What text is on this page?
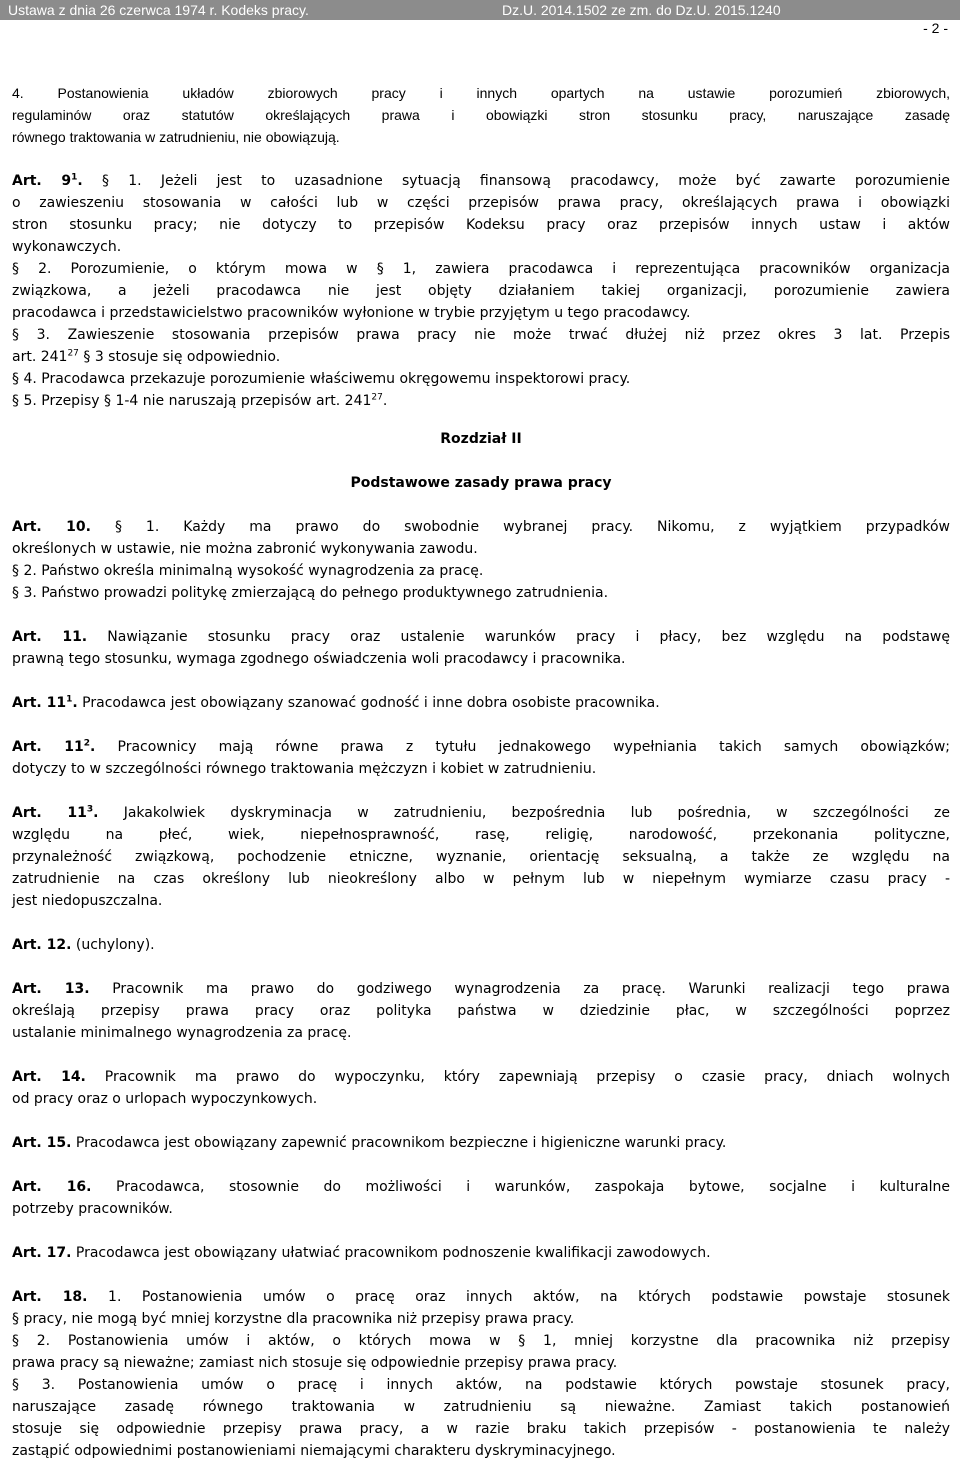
Ustawa z dnia 26 czerwca 1974 r. Kodeks pracy.	Dz.U. 2014.1502 ze zm. do Dz.U. 2015.1240
- 2 -
4. Postanowienia układów zbiorowych pracy i innych opartych na ustawie porozumień zbiorowych,
regulaminów oraz statutów określających prawa i obowiązki stron stosunku pracy, naruszające zasadę
równego traktowania w zatrudnieniu, nie obowiązują.
Art. $9^1$. § 1. Jeżeli jest to uzasadnione sytuacją finansową pracodawcy, może być zawarte porozumienie
o zawieszeniu stosowania w całości lub w części przepisów prawa pracy, określających prawa i obowiązki
stron stosunku pracy; nie dotyczy to przepisów Kodeksu pracy oraz przepisów innych ustaw i aktów
wykonawczych.
§ 2. Porozumienie, o którym mowa w § 1, zawiera pracodawca i reprezentująca pracowników organizacja
związkowa, a jeżeli pracodawca nie jest objęty działaniem takiej organizacji, porozumienie zawiera
pracodawca i przedstawicielstwo pracowników wyłonione w trybie przyjętym u tego pracodawcy.
§ 3. Zawieszenie stosowania przepisów prawa pracy nie może trwać dłużej niż przez okres 3 lat. Przepis
art. $241^{27}$ § 3 stosuje się odpowiednio.
§ 4. Pracodawca przekazuje porozumienie właściwemu okręgowemu inspektorowi pracy.
§ 5. Przepisy § 1-4 nie naruszają przepisów art. $241^{27}$.
Rozdział II
Podstawowe zasady prawa pracy
Art. 10. § 1. Każdy ma prawo do swobodnie wybranej pracy. Nikomu, z wyjątkiem przypadków
określonych w ustawie, nie można zabronić wykonywania zawodu.
§ 2. Państwo określa minimalną wysokość wynagrodzenia za pracę.
§ 3. Państwo prowadzi politykę zmierzającą do pełnego produktywnego zatrudnienia.
Art. 11. Nawiązanie stosunku pracy oraz ustalenie warunków pracy i płacy, bez względu na podstawę
prawną tego stosunku, wymaga zgodnego oświadczenia woli pracodawcy i pracownika.
Art. $11^1$. Pracodawca jest obowiązany szanować godność i inne dobra osobiste pracownika.
Art. $11^2$. Pracownicy mają równe prawa z tytułu jednakowego wypełniania takich samych obowiązków;
dotyczy to w szczególności równego traktowania mężczyzn i kobiet w zatrudnieniu.
Art. $11^3$. Jakakolwiek dyskryminacja w zatrudnieniu, bezpośrednia lub pośrednia, w szczególności ze
względu na płeć, wiek, niepełnosprawność, rasę, religię, narodowość, przekonania polityczne,
przynależność związkową, pochodzenie etniczne, wyznanie, orientację seksualną, a także ze względu na
zatrudnienie na czas określony lub nieokreślony albo w pełnym lub w niepełnym wymiarze czasu pracy -
jest niedopuszczalna.
Art. 12. (uchylony).
Art. 13. Pracownik ma prawo do godziwego wynagrodzenia za pracę. Warunki realizacji tego prawa
określają przepisy prawa pracy oraz polityka państwa w dziedzinie płac, w szczególności poprzez
ustalanie minimalnego wynagrodzenia za pracę.
Art. 14. Pracownik ma prawo do wypoczynku, który zapewniają przepisy o czasie pracy, dniach wolnych
od pracy oraz o urlopach wypoczynkowych.
Art. 15. Pracodawca jest obowiązany zapewnić pracownikom bezpieczne i higieniczne warunki pracy.
Art. 16. Pracodawca, stosownie do możliwości i warunków, zaspokaja bytowe, socjalne i kulturalne
potrzeby pracowników.
Art. 17. Pracodawca jest obowiązany ułatwiać pracownikom podnoszenie kwalifikacji zawodowych.
Art. 18. 1. Postanowienia umów o pracę oraz innych aktów, na których podstawie powstaje stosunek
§ pracy, nie mogą być mniej korzystne dla pracownika niż przepisy prawa pracy.
§ 2. Postanowienia umów i aktów, o których mowa w § 1, mniej korzystne dla pracownika niż przepisy
prawa pracy są nieważne; zamiast nich stosuje się odpowiednie przepisy prawa pracy.
§ 3. Postanowienia umów o pracę i innych aktów, na podstawie których powstaje stosunek pracy,
naruszające zasadę równego traktowania w zatrudnieniu są nieważne. Zamiast takich postanowień
stosuje się odpowiednie przepisy prawa pracy, a w razie braku takich przepisów - postanowienia te należy
zastąpić odpowiednimi postanowieniami niemającymi charakteru dyskryminacyjnego.
